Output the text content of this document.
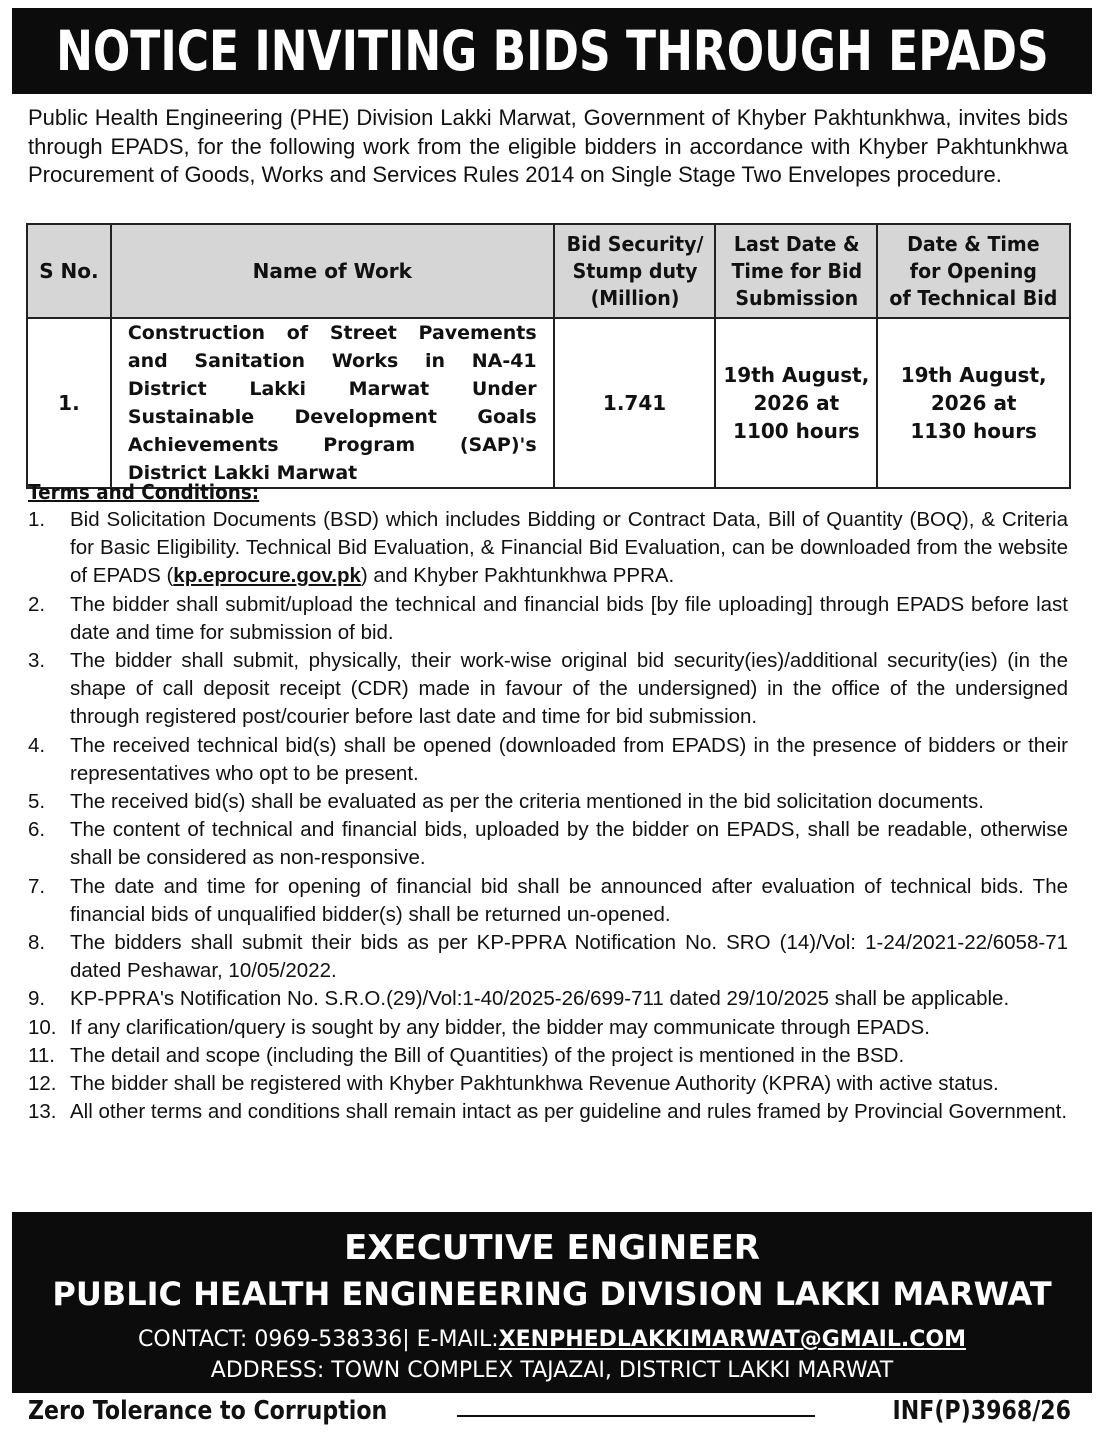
NOTICE INVITING BIDS THROUGH EPADS

Public Health Engineering (PHE) Division Lakki Marwat, Government of Khyber Pakhtunkhwa, invites bids through EPADS, for the following work from the eligible bidders in accordance with Khyber Pakhtunkhwa Procurement of Goods, Works and Services Rules 2014 on Single Stage Two Envelopes procedure.

S No.	Name of Work	Bid Security/
Stump duty
(Million)	Last Date &
Time for Bid
Submission	Date & Time
for Opening
of Technical Bid
1.	Construction of Street Pavements and Sanitation Works in NA-41 District Lakki Marwat Under Sustainable Development Goals Achievements Program (SAP)'s District Lakki Marwat	1.741	19th August,
2026 at
1100 hours	19th August,
2026 at
1130 hours

Terms and Conditions:

1. Bid Solicitation Documents (BSD) which includes Bidding or Contract Data, Bill of Quantity (BOQ), & Criteria for Basic Eligibility. Technical Bid Evaluation, & Financial Bid Evaluation, can be downloaded from the website of EPADS (kp.eprocure.gov.pk) and Khyber Pakhtunkhwa PPRA.
2. The bidder shall submit/upload the technical and financial bids [by file uploading] through EPADS before last date and time for submission of bid.
3. The bidder shall submit, physically, their work-wise original bid security(ies)/additional security(ies) (in the shape of call deposit receipt (CDR) made in favour of the undersigned) in the office of the undersigned through registered post/courier before last date and time for bid submission.
4. The received technical bid(s) shall be opened (downloaded from EPADS) in the presence of bidders or their representatives who opt to be present.
5. The received bid(s) shall be evaluated as per the criteria mentioned in the bid solicitation documents.
6. The content of technical and financial bids, uploaded by the bidder on EPADS, shall be readable, otherwise shall be considered as non-responsive.
7. The date and time for opening of financial bid shall be announced after evaluation of technical bids. The financial bids of unqualified bidder(s) shall be returned un-opened.
8. The bidders shall submit their bids as per KP-PPRA Notification No. SRO (14)/Vol: 1-24/2021-22/6058-71 dated Peshawar, 10/05/2022.
9. KP-PPRA's Notification No. S.R.O.(29)/Vol:1-40/2025-26/699-711 dated 29/10/2025 shall be applicable.
10. If any clarification/query is sought by any bidder, the bidder may communicate through EPADS.
11. The detail and scope (including the Bill of Quantities) of the project is mentioned in the BSD.
12. The bidder shall be registered with Khyber Pakhtunkhwa Revenue Authority (KPRA) with active status.
13. All other terms and conditions shall remain intact as per guideline and rules framed by Provincial Government.
EXECUTIVE ENGINEER
PUBLIC HEALTH ENGINEERING DIVISION LAKKI MARWAT
CONTACT: 0969-538336| E-MAIL:XENPHEDLAKKIMARWAT@GMAIL.COM
ADDRESS: TOWN COMPLEX TAJAZAI, DISTRICT LAKKI MARWAT
Zero Tolerance to Corruption	INF(P)3968/26
